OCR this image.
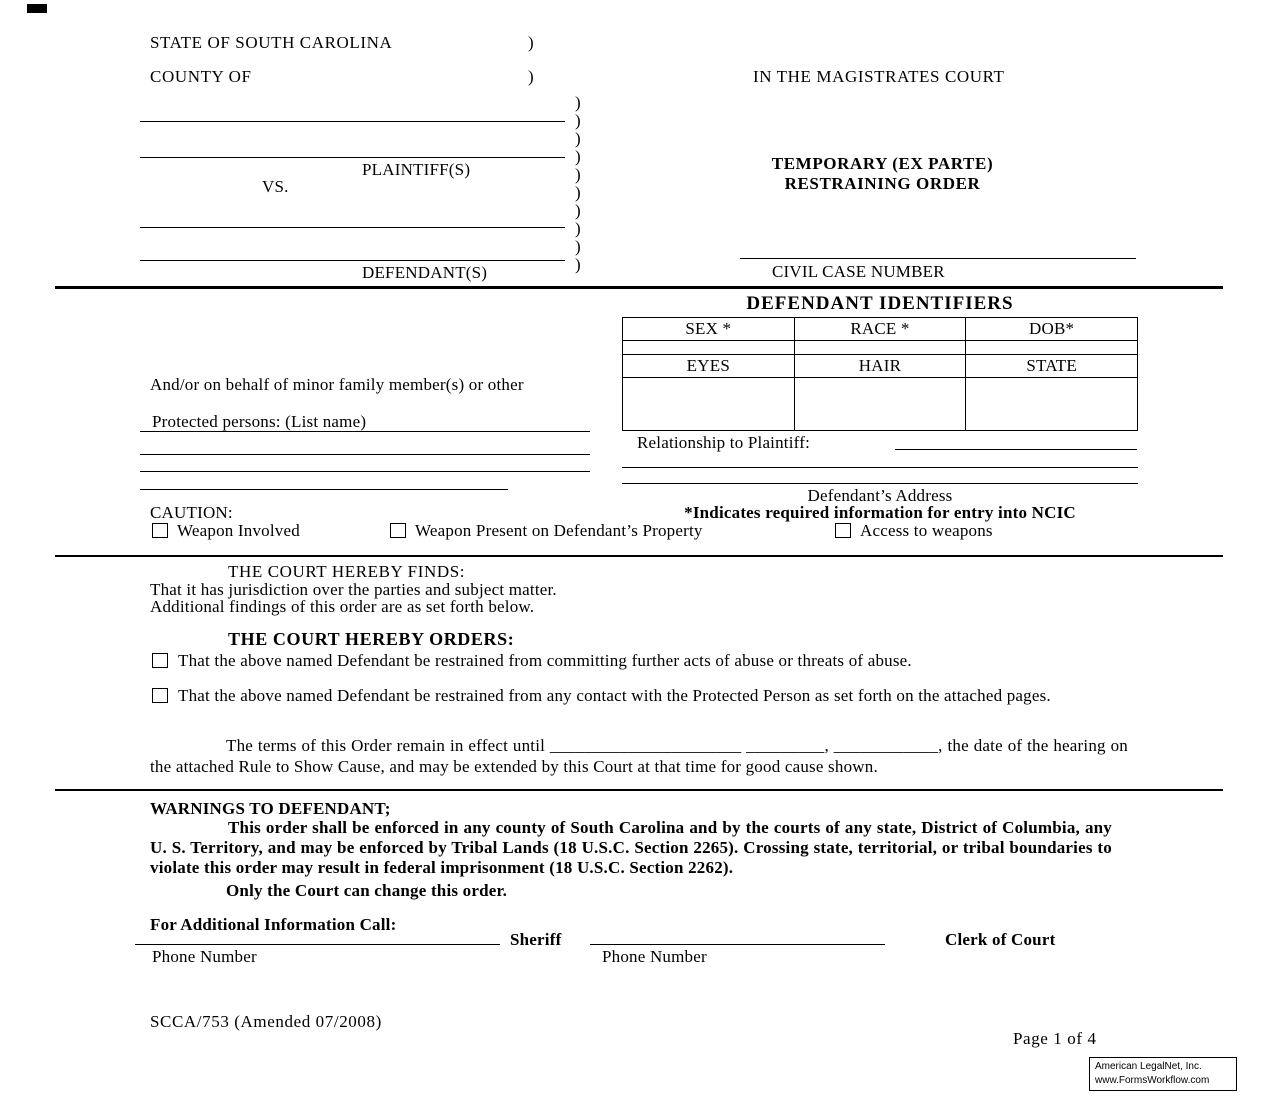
STATE OF SOUTH CAROLINA	)
COUNTY OF	)	IN THE MAGISTRATES COURT
PLAINTIFF(S)
VS.
DEFENDANT(S)
)
)
)
)
)
)
)
)
)
)
TEMPORARY (EX PARTE)
RESTRAINING ORDER
CIVIL CASE NUMBER
DEFENDANT IDENTIFIERS
SEX *	RACE *	DOB*

EYES	HAIR	STATE

And/or on behalf of minor family member(s) or other
Protected persons: (List name)
Relationship to Plaintiff:
Defendant’s Address
*Indicates required information for entry into NCIC
CAUTION:
Weapon Involved	Weapon Present on Defendant’s Property	Access to weapons
THE COURT HEREBY FINDS:
That it has jurisdiction over the parties and subject matter.
Additional findings of this order are as set forth below.
THE COURT HEREBY ORDERS:
That the above named Defendant be restrained from committing further acts of abuse or threats of abuse.
That the above named Defendant be restrained from any contact with the Protected Person as set forth on the attached pages.
The terms of this Order remain in effect until ______________________ _________, ____________, the date of the hearing on the attached Rule to Show Cause, and may be extended by this Court at that time for good cause shown.
WARNINGS TO DEFENDANT;
This order shall be enforced in any county of South Carolina and by the courts of any state, District of Columbia, any U. S. Territory, and may be enforced by Tribal Lands (18 U.S.C. Section 2265). Crossing state, territorial, or tribal boundaries to violate this order may result in federal imprisonment (18 U.S.C. Section 2262).
Only the Court can change this order.
For Additional Information Call:
Sheriff	Clerk of Court
Phone Number	Phone Number
SCCA/753 (Amended 07/2008)
Page 1 of 4
American LegalNet, Inc.
www.FormsWorkflow.com
